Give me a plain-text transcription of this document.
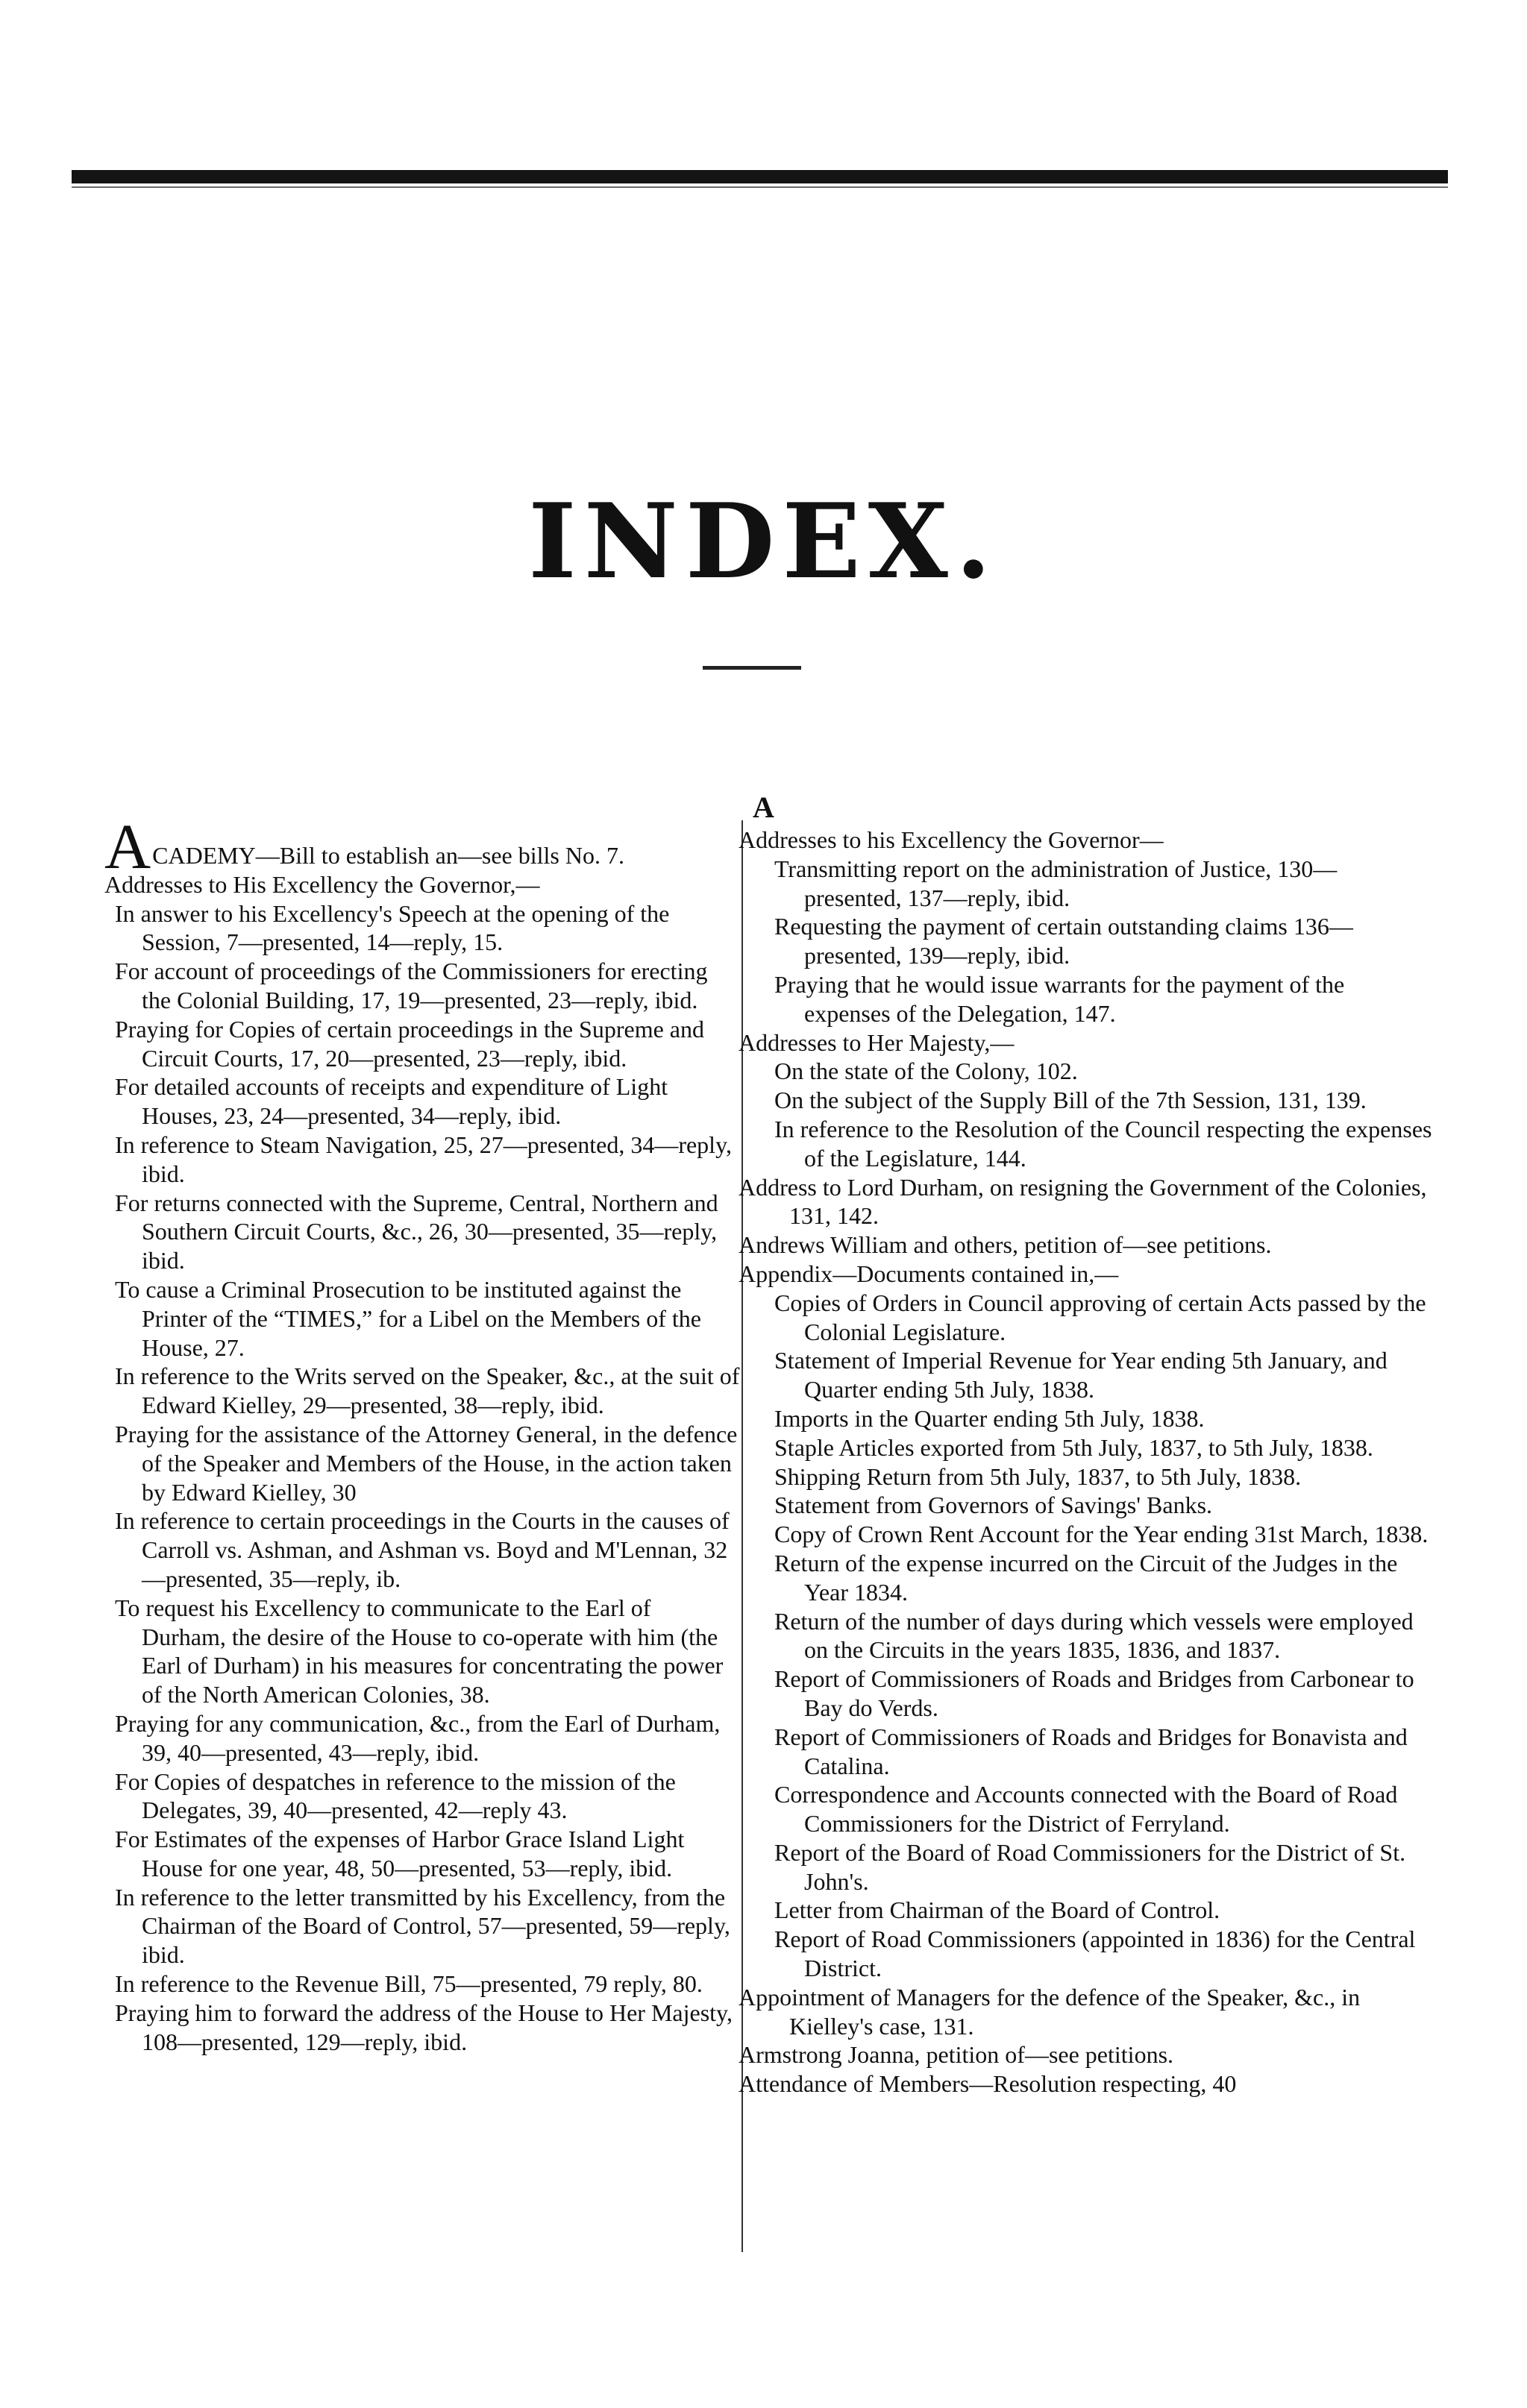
INDEX.
A

ACADEMY—Bill to establish an—see bills No. 7.

Addresses to His Excellency the Governor,—

In answer to his Excellency's Speech at the opening of the Session, 7—presented, 14—reply, 15.

For account of proceedings of the Commissioners for erecting the Colonial Building, 17, 19—presented, 23—reply, ibid.

Praying for Copies of certain proceedings in the Supreme and Circuit Courts, 17, 20—presented, 23—reply, ibid.

For detailed accounts of receipts and expenditure of Light Houses, 23, 24—presented, 34—reply, ibid.

In reference to Steam Navigation, 25, 27—presented, 34—reply, ibid.

For returns connected with the Supreme, Central, Northern and Southern Circuit Courts, &c., 26, 30—presented, 35—reply, ibid.

To cause a Criminal Prosecution to be instituted against the Printer of the “TIMES,” for a Libel on the Members of the House, 27.

In reference to the Writs served on the Speaker, &c., at the suit of Edward Kielley, 29—presented, 38—reply, ibid.

Praying for the assistance of the Attorney General, in the defence of the Speaker and Members of the House, in the action taken by Edward Kielley, 30

In reference to certain proceedings in the Courts in the causes of Carroll vs. Ashman, and Ashman vs. Boyd and M'Lennan, 32—presented, 35—reply, ib.

To request his Excellency to communicate to the Earl of Durham, the desire of the House to co-operate with him (the Earl of Durham) in his measures for concentrating the power of the North American Colonies, 38.

Praying for any communication, &c., from the Earl of Durham, 39, 40—presented, 43—reply, ibid.

For Copies of despatches in reference to the mission of the Delegates, 39, 40—presented, 42—reply 43.

For Estimates of the expenses of Harbor Grace Island Light House for one year, 48, 50—presented, 53—reply, ibid.

In reference to the letter transmitted by his Excellency, from the Chairman of the Board of Control, 57—presented, 59—reply, ibid.

In reference to the Revenue Bill, 75—presented, 79 reply, 80.

Praying him to forward the address of the House to Her Majesty, 108—presented, 129—reply, ibid.

Addresses to his Excellency the Governor—

Transmitting report on the administration of Justice, 130—presented, 137—reply, ibid.

Requesting the payment of certain outstanding claims 136—presented, 139—reply, ibid.

Praying that he would issue warrants for the payment of the expenses of the Delegation, 147.

Addresses to Her Majesty,—

On the state of the Colony, 102.

On the subject of the Supply Bill of the 7th Session, 131, 139.

In reference to the Resolution of the Council respecting the expenses of the Legislature, 144.

Address to Lord Durham, on resigning the Government of the Colonies, 131, 142.

Andrews William and others, petition of—see petitions.

Appendix—Documents contained in,—

Copies of Orders in Council approving of certain Acts passed by the Colonial Legislature.

Statement of Imperial Revenue for Year ending 5th January, and Quarter ending 5th July, 1838.

Imports in the Quarter ending 5th July, 1838.

Staple Articles exported from 5th July, 1837, to 5th July, 1838.

Shipping Return from 5th July, 1837, to 5th July, 1838.

Statement from Governors of Savings' Banks.

Copy of Crown Rent Account for the Year ending 31st March, 1838.

Return of the expense incurred on the Circuit of the Judges in the Year 1834.

Return of the number of days during which vessels were employed on the Circuits in the years 1835, 1836, and 1837.

Report of Commissioners of Roads and Bridges from Carbonear to Bay do Verds.

Report of Commissioners of Roads and Bridges for Bonavista and Catalina.

Correspondence and Accounts connected with the Board of Road Commissioners for the District of Ferryland.

Report of the Board of Road Commissioners for the District of St. John's.

Letter from Chairman of the Board of Control.

Report of Road Commissioners (appointed in 1836) for the Central District.

Appointment of Managers for the defence of the Speaker, &c., in Kielley's case, 131.

Armstrong Joanna, petition of—see petitions.

Attendance of Members—Resolution respecting, 40
